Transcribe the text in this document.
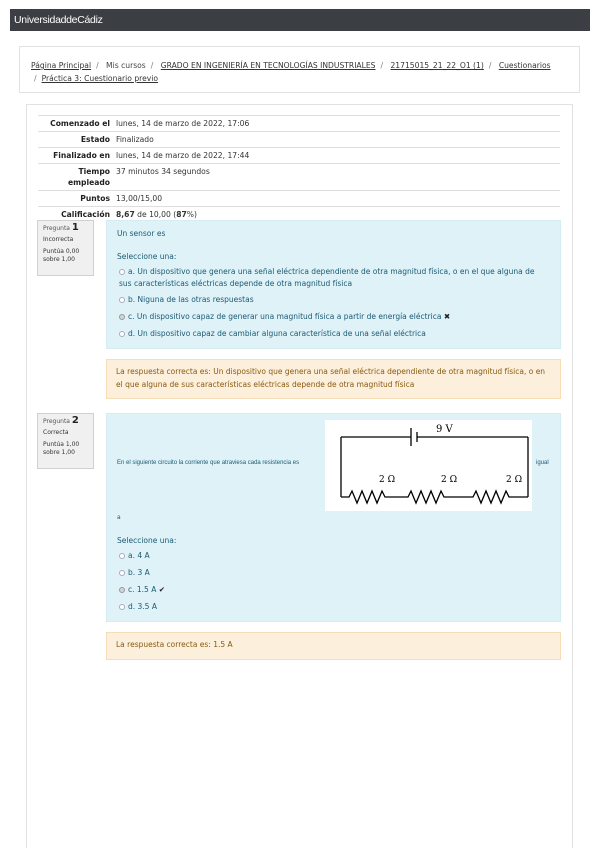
UniversidaddeCádiz
Página Principal / Mis cursos / GRADO EN INGENIERÍA EN TECNOLOGÍAS INDUSTRIALES / 21715015_21_22_O1 (1) / Cuestionarios
/ Práctica 3: Cuestionario previo
Comenzado el	lunes, 14 de marzo de 2022, 17:06
Estado	Finalizado
Finalizado en	lunes, 14 de marzo de 2022, 17:44
Tiempo empleado	37 minutos 34 segundos
Puntos	13,00/15,00
Calificación	8,67 de 10,00 (87%)
Pregunta 1
Incorrecta
Puntúa 0,00 sobre 1,00
Un sensor es
Seleccione una:
a. Un dispositivo que genera una señal eléctrica dependiente de otra magnitud física, o en el que alguna de sus características eléctricas depende de otra magnitud física
b. Niguna de las otras respuestas
c. Un dispositivo capaz de generar una magnitud física a partir de energía eléctrica ✖
d. Un dispositivo capaz de cambiar alguna característica de una señal eléctrica
La respuesta correcta es: Un dispositivo que genera una señal eléctrica dependiente de otra magnitud física, o en el que alguna de sus características eléctricas depende de otra magnitud física
Pregunta 2
Correcta
Puntúa 1,00 sobre 1,00
En el siguiente circuito la corriente que atraviesa cada resistencia es
9 V
2 Ω	2 Ω	2 Ω
igual
a
Seleccione una:
a. 4 A
b. 3 A
c. 1.5 A ✔
d. 3.5 A
La respuesta correcta es: 1.5 A
